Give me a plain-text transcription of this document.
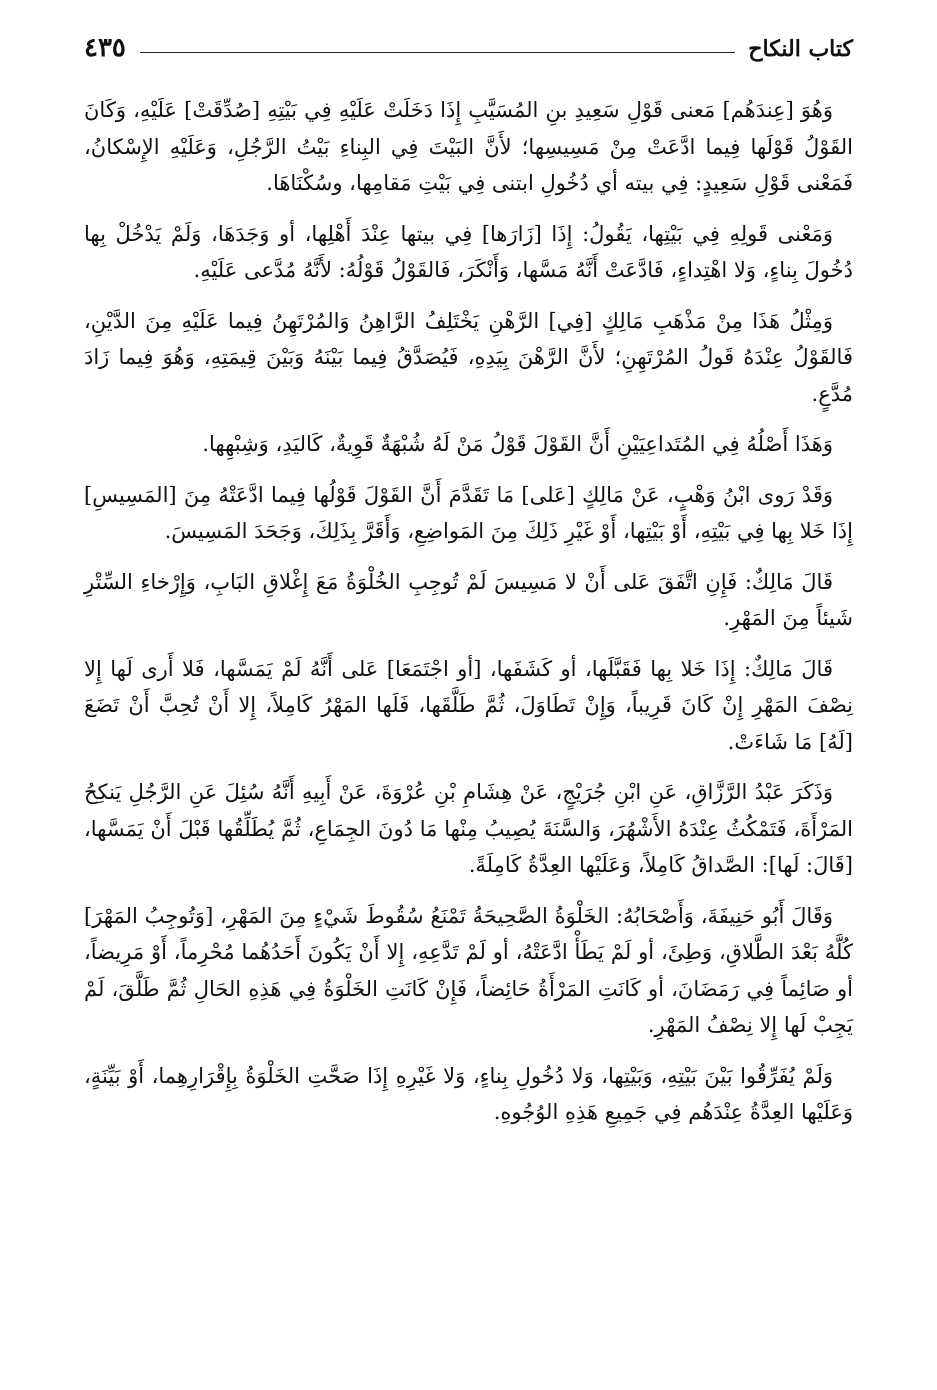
كتاب النكاح
٤٣٥

وَهُوَ [عِندَهُم] مَعنى قَوْلِ سَعِيدِ بنِ المُسَيَّبِ إِذَا دَخَلَتْ عَلَيْهِ فِي بَيْتِهِ [صُدِّقَتْ] عَلَيْهِ، وَكَانَ القَوْلُ قَوْلَها فِيما ادَّعَتْ مِنْ مَسِيسِها؛ لأَنَّ البَيْتَ فِي البِناءِ بَيْتُ الرَّجُلِ، وَعَلَيْهِ الإِسْكانُ، فَمَعْنى قَوْلِ سَعِيدٍ: فِي بيته أي دُخُولِ ابتنى فِي بَيْتِ مَقامِها، وسُكْنَاهَا.

وَمَعْنى قَولِهِ فِي بَيْتِها، يَقُولُ: إِذَا [زَارَها] فِي بيتها عِنْدَ أَهْلِها، أو وَجَدَهَا، وَلَمْ يَدْخُلْ بِها دُخُولَ بِناءٍ، وَلا اهْتِداءٍ، فَادَّعَتْ أَنَّهُ مَسَّها، وَأَنْكَرَ، فَالقَوْلُ قَوْلُهُ: لأَنَّهُ مُدَّعى عَلَيْهِ.

وَمِثْلُ هَذَا مِنْ مَذْهَبِ مَالِكٍ [فِي] الرَّهْنِ يَخْتَلِفُ الرَّاهِنُ وَالمُرْتَهِنُ فِيما عَلَيْهِ مِنَ الدَّيْنِ، فَالقَوْلُ عِنْدَهُ قَولُ المُرْتَهِنِ؛ لأَنَّ الرَّهْنَ بِيَدِهِ، فَيُصَدَّقُ فِيما بَيْنَهُ وَبَيْنَ قِيمَتِهِ، وَهُوَ فِيما زَادَ مُدَّعٍ.

وَهَذَا أَصْلُهُ فِي المُتَداعِيَيْنِ أَنَّ القَوْلَ قَوْلُ مَنْ لَهُ شُبْهَةٌ قَوِيةٌ، كَاليَدِ، وَشِبْهِها.

وَقَدْ رَوى ابْنُ وَهْبٍ، عَنْ مَالِكٍ [عَلى] مَا تَقَدَّمَ أَنَّ القَوْلَ قَوْلُها فِيما ادَّعَتْهُ مِنَ [المَسِيسِ] إِذَا خَلا بِها فِي بَيْتِهِ، أَوْ بَيْتِها، أَوْ غَيْرِ ذَلِكَ مِنَ المَواضِعِ، وَأَقَرَّ بِذَلِكَ، وَجَحَدَ المَسِيسَ.

قَالَ مَالِكٌ: فَإِنِ اتَّفَقَ عَلى أَنْ لا مَسِيسَ لَمْ تُوجِبِ الخُلْوَةُ مَعَ إِغْلاقِ البَابِ، وَإِرْخاءِ السِّتْرِ شَيئاً مِنَ المَهْرِ.

قَالَ مَالِكٌ: إِذَا خَلا بِها فَقَبَّلَها، أو كَشَفَها، [أو اجْتَمَعَا] عَلى أَنَّهُ لَمْ يَمَسَّها، فَلا أَرى لَها إِلا نِصْفَ المَهْرِ إِنْ كَانَ قَرِيباً، وَإِنْ تَطَاوَلَ، ثُمَّ طَلَّقَها، فَلَها المَهْرُ كَامِلاً، إِلا أَنْ تُحِبَّ أَنْ تَضَعَ [لَهُ] مَا شَاءَتْ.

وَذَكَرَ عَبْدُ الرَّزَّاقِ، عَنِ ابْنِ جُرَيْجٍ، عَنْ هِشَامِ بْنِ عُرْوَةَ، عَنْ أَبِيهِ أَنَّهُ سُئِلَ عَنِ الرَّجُلِ يَنكِحُ المَرْأَةَ، فَتَمْكُثُ عِنْدَهُ الأَشْهُرَ، وَالسَّنَةَ يُصِيبُ مِنْها مَا دُونَ الجِمَاعِ، ثُمَّ يُطَلِّقُها قَبْلَ أَنْ يَمَسَّها، [قَالَ: لَها]: الصَّداقُ كَامِلاً، وَعَلَيْها العِدَّةُ كَامِلَةً.

وَقَالَ أَبُو حَنِيفَةَ، وَأَصْحَابُهُ: الخَلْوَةُ الصَّحِيحَةُ تَمْنَعُ سُقُوطَ شَيْءٍ مِنَ المَهْرِ، [وَتُوجِبُ المَهْرَ] كُلَّهُ بَعْدَ الطَّلاقِ، وَطِئَ، أو لَمْ يَطَأْ ادَّعَتْهُ، أو لَمْ تَدَّعِهِ، إِلا أَنْ يَكُونَ أَحَدُهُما مُحْرِماً، أَوْ مَرِيضاً، أو صَائِماً فِي رَمَضَانَ، أو كَانَتِ المَرْأَةُ حَائِضاً، فَإِنْ كَانَتِ الخَلْوَةُ فِي هَذِهِ الحَالِ ثُمَّ طَلَّقَ، لَمْ يَجِبْ لَها إِلا نِصْفُ المَهْرِ.

وَلَمْ يُفَرِّقُوا بَيْنَ بَيْتِهِ، وَبَيْتِها، وَلا دُخُولِ بِناءٍ، وَلا غَيْرِهِ إِذَا صَحَّتِ الخَلْوَةُ بِإِقْرَارِهِما، أَوْ بَيِّنَةٍ، وَعَلَيْها العِدَّةُ عِنْدَهُم فِي جَمِيعِ هَذِهِ الوُجُوهِ.
